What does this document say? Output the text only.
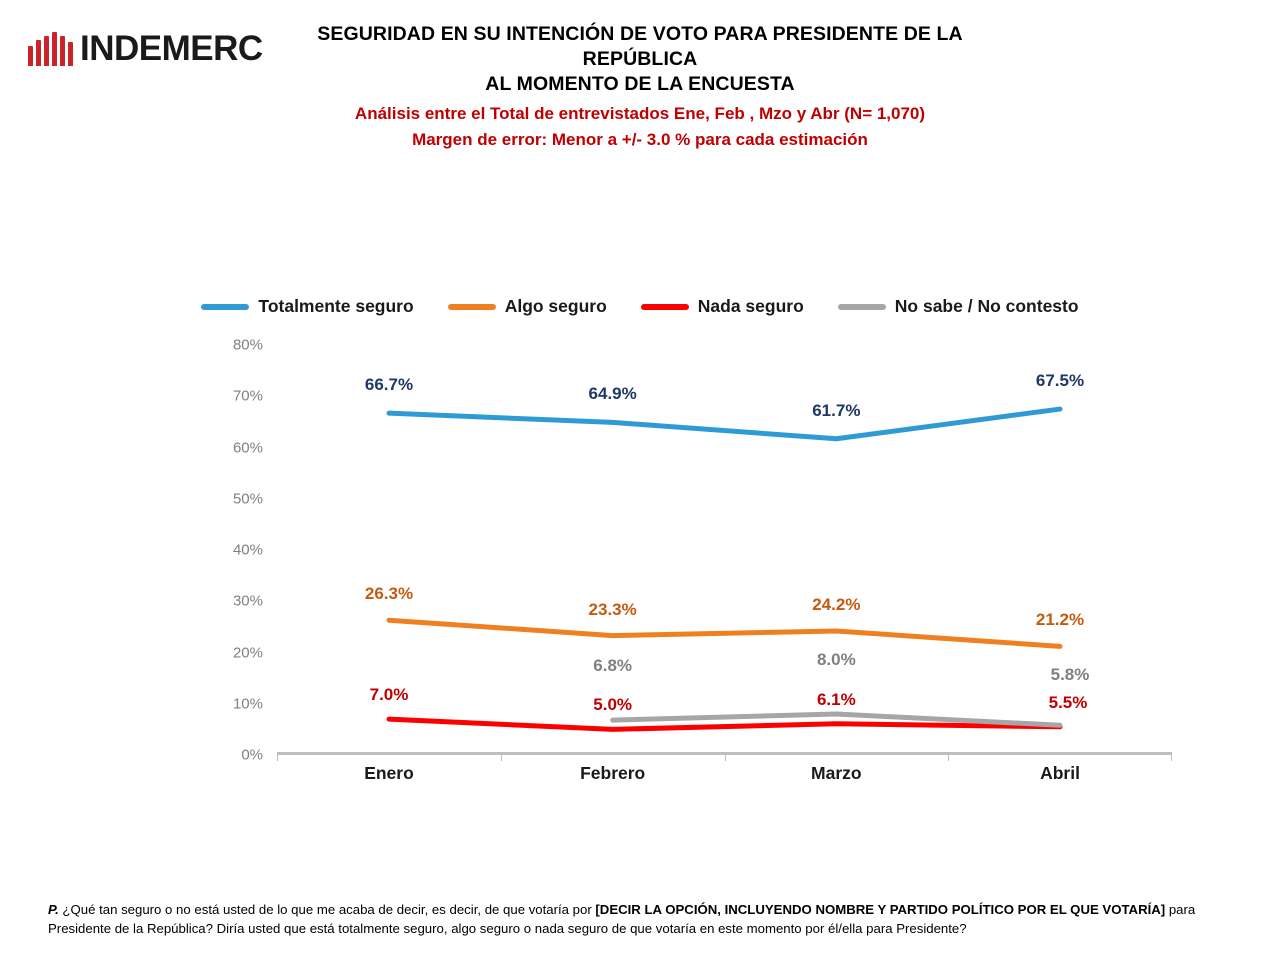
INDEMERC	SEGURIDAD EN SU INTENCIÓN DE VOTO PARA PRESIDENTE DE LA REPÚBLICA
AL MOMENTO DE LA ENCUESTA
Análisis entre el Total de entrevistados Ene, Feb , Mzo y Abr (N= 1,070)
Margen de error: Menor a +/- 3.0 % para cada estimación
Totalmente seguro	Algo seguro	Nada seguro	No sabe / No contesto
0%
10%
20%
30%
40%
50%
60%
70%
80%
66.7%	64.9%
61.7%
67.5%
26.3%
23.3%	24.2%
21.2%
7.0%
5.0%	6.1%	5.5%
6.8%	8.0%
5.8%
Enero	Febrero	Marzo	Abril
P. ¿Qué tan seguro o no está usted de lo que me acaba de decir, es decir, de que votaría por [DECIR LA OPCIÓN, INCLUYENDO NOMBRE Y PARTIDO POLÍTICO POR EL QUE VOTARÍA] para Presidente de la República? Diría usted que está totalmente seguro, algo seguro o nada seguro de que votaría en este momento por él/ella para Presidente?
